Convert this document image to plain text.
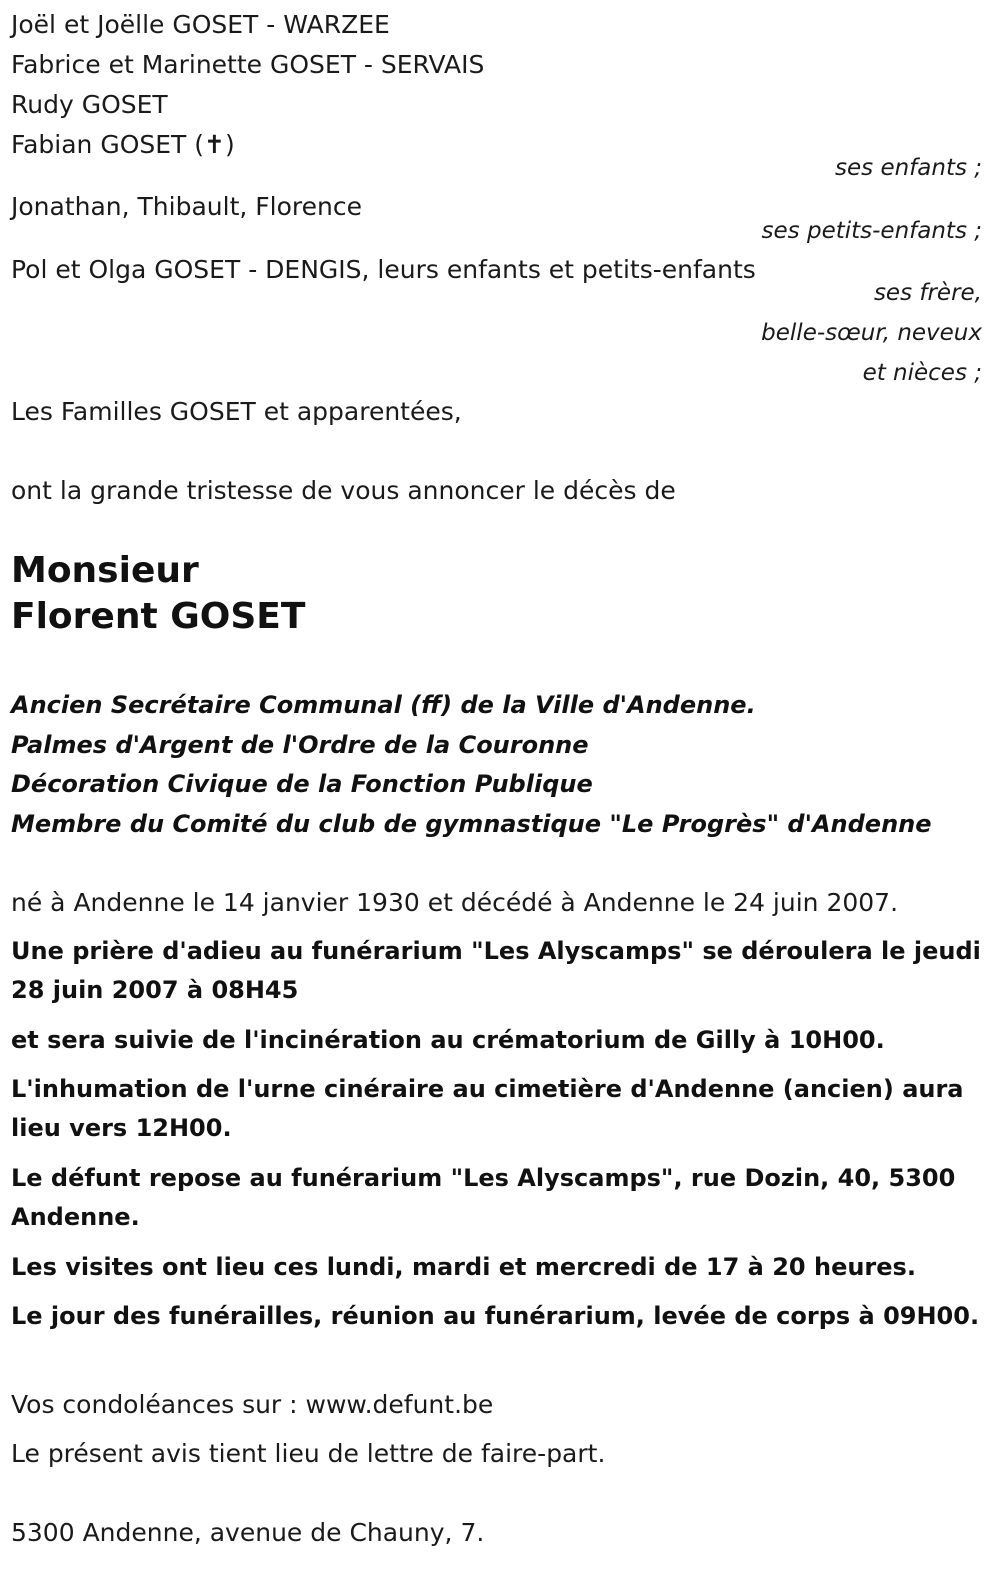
Joël et Joëlle GOSET - WARZEE
Fabrice et Marinette GOSET - SERVAIS
Rudy GOSET
Fabian GOSET (✝)
ses enfants ;
Jonathan, Thibault, Florence
ses petits-enfants ;
Pol et Olga GOSET - DENGIS, leurs enfants et petits-enfants
ses frère,
belle-sœur, neveux
et nièces ;
Les Familles GOSET et apparentées,
ont la grande tristesse de vous annoncer le décès de
Monsieur
Florent GOSET
Ancien Secrétaire Communal (ff) de la Ville d'Andenne.
Palmes d'Argent de l'Ordre de la Couronne
Décoration Civique de la Fonction Publique
Membre du Comité du club de gymnastique "Le Progrès" d'Andenne
né à Andenne le 14 janvier 1930 et décédé à Andenne le 24 juin 2007.
Une prière d'adieu au funérarium "Les Alyscamps" se déroulera le jeudi 28 juin 2007 à 08H45
et sera suivie de l'incinération au crématorium de Gilly à 10H00.
L'inhumation de l'urne cinéraire au cimetière d'Andenne (ancien) aura lieu vers 12H00.
Le défunt repose au funérarium "Les Alyscamps", rue Dozin, 40, 5300 Andenne.
Les visites ont lieu ces lundi, mardi et mercredi de 17 à 20 heures.
Le jour des funérailles, réunion au funérarium, levée de corps à 09H00.
Vos condoléances sur : www.defunt.be
Le présent avis tient lieu de lettre de faire-part.
5300 Andenne, avenue de Chauny, 7.
